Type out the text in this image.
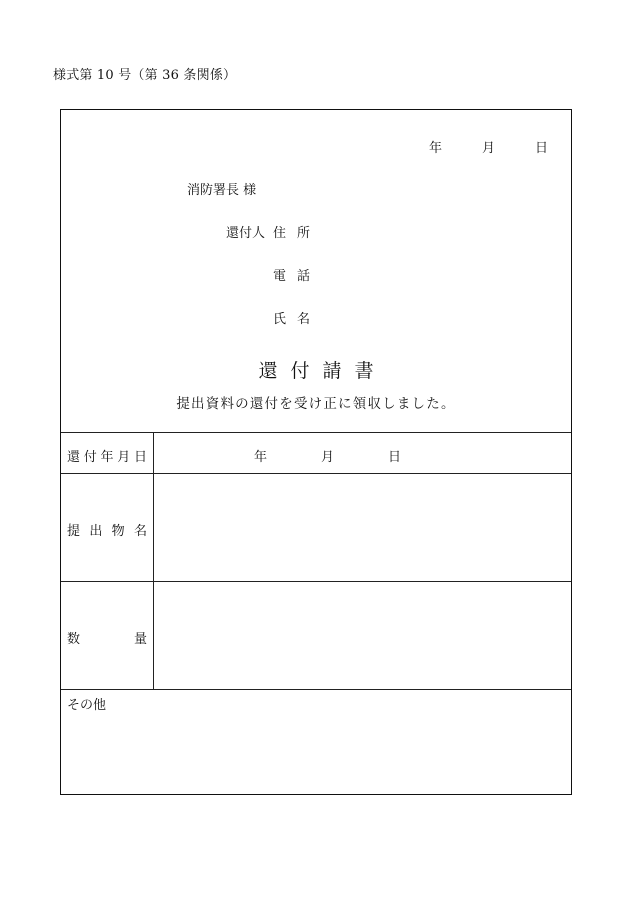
様式第 10 号（第 36 条関係）
年	月	日
消防署長 様
還付人 住所
電話
氏名
還付請書
提出資料の還付を受け正に領収しました。
還 付 年 月 日	年	月	日
提 出 物 名
数	量
その他
